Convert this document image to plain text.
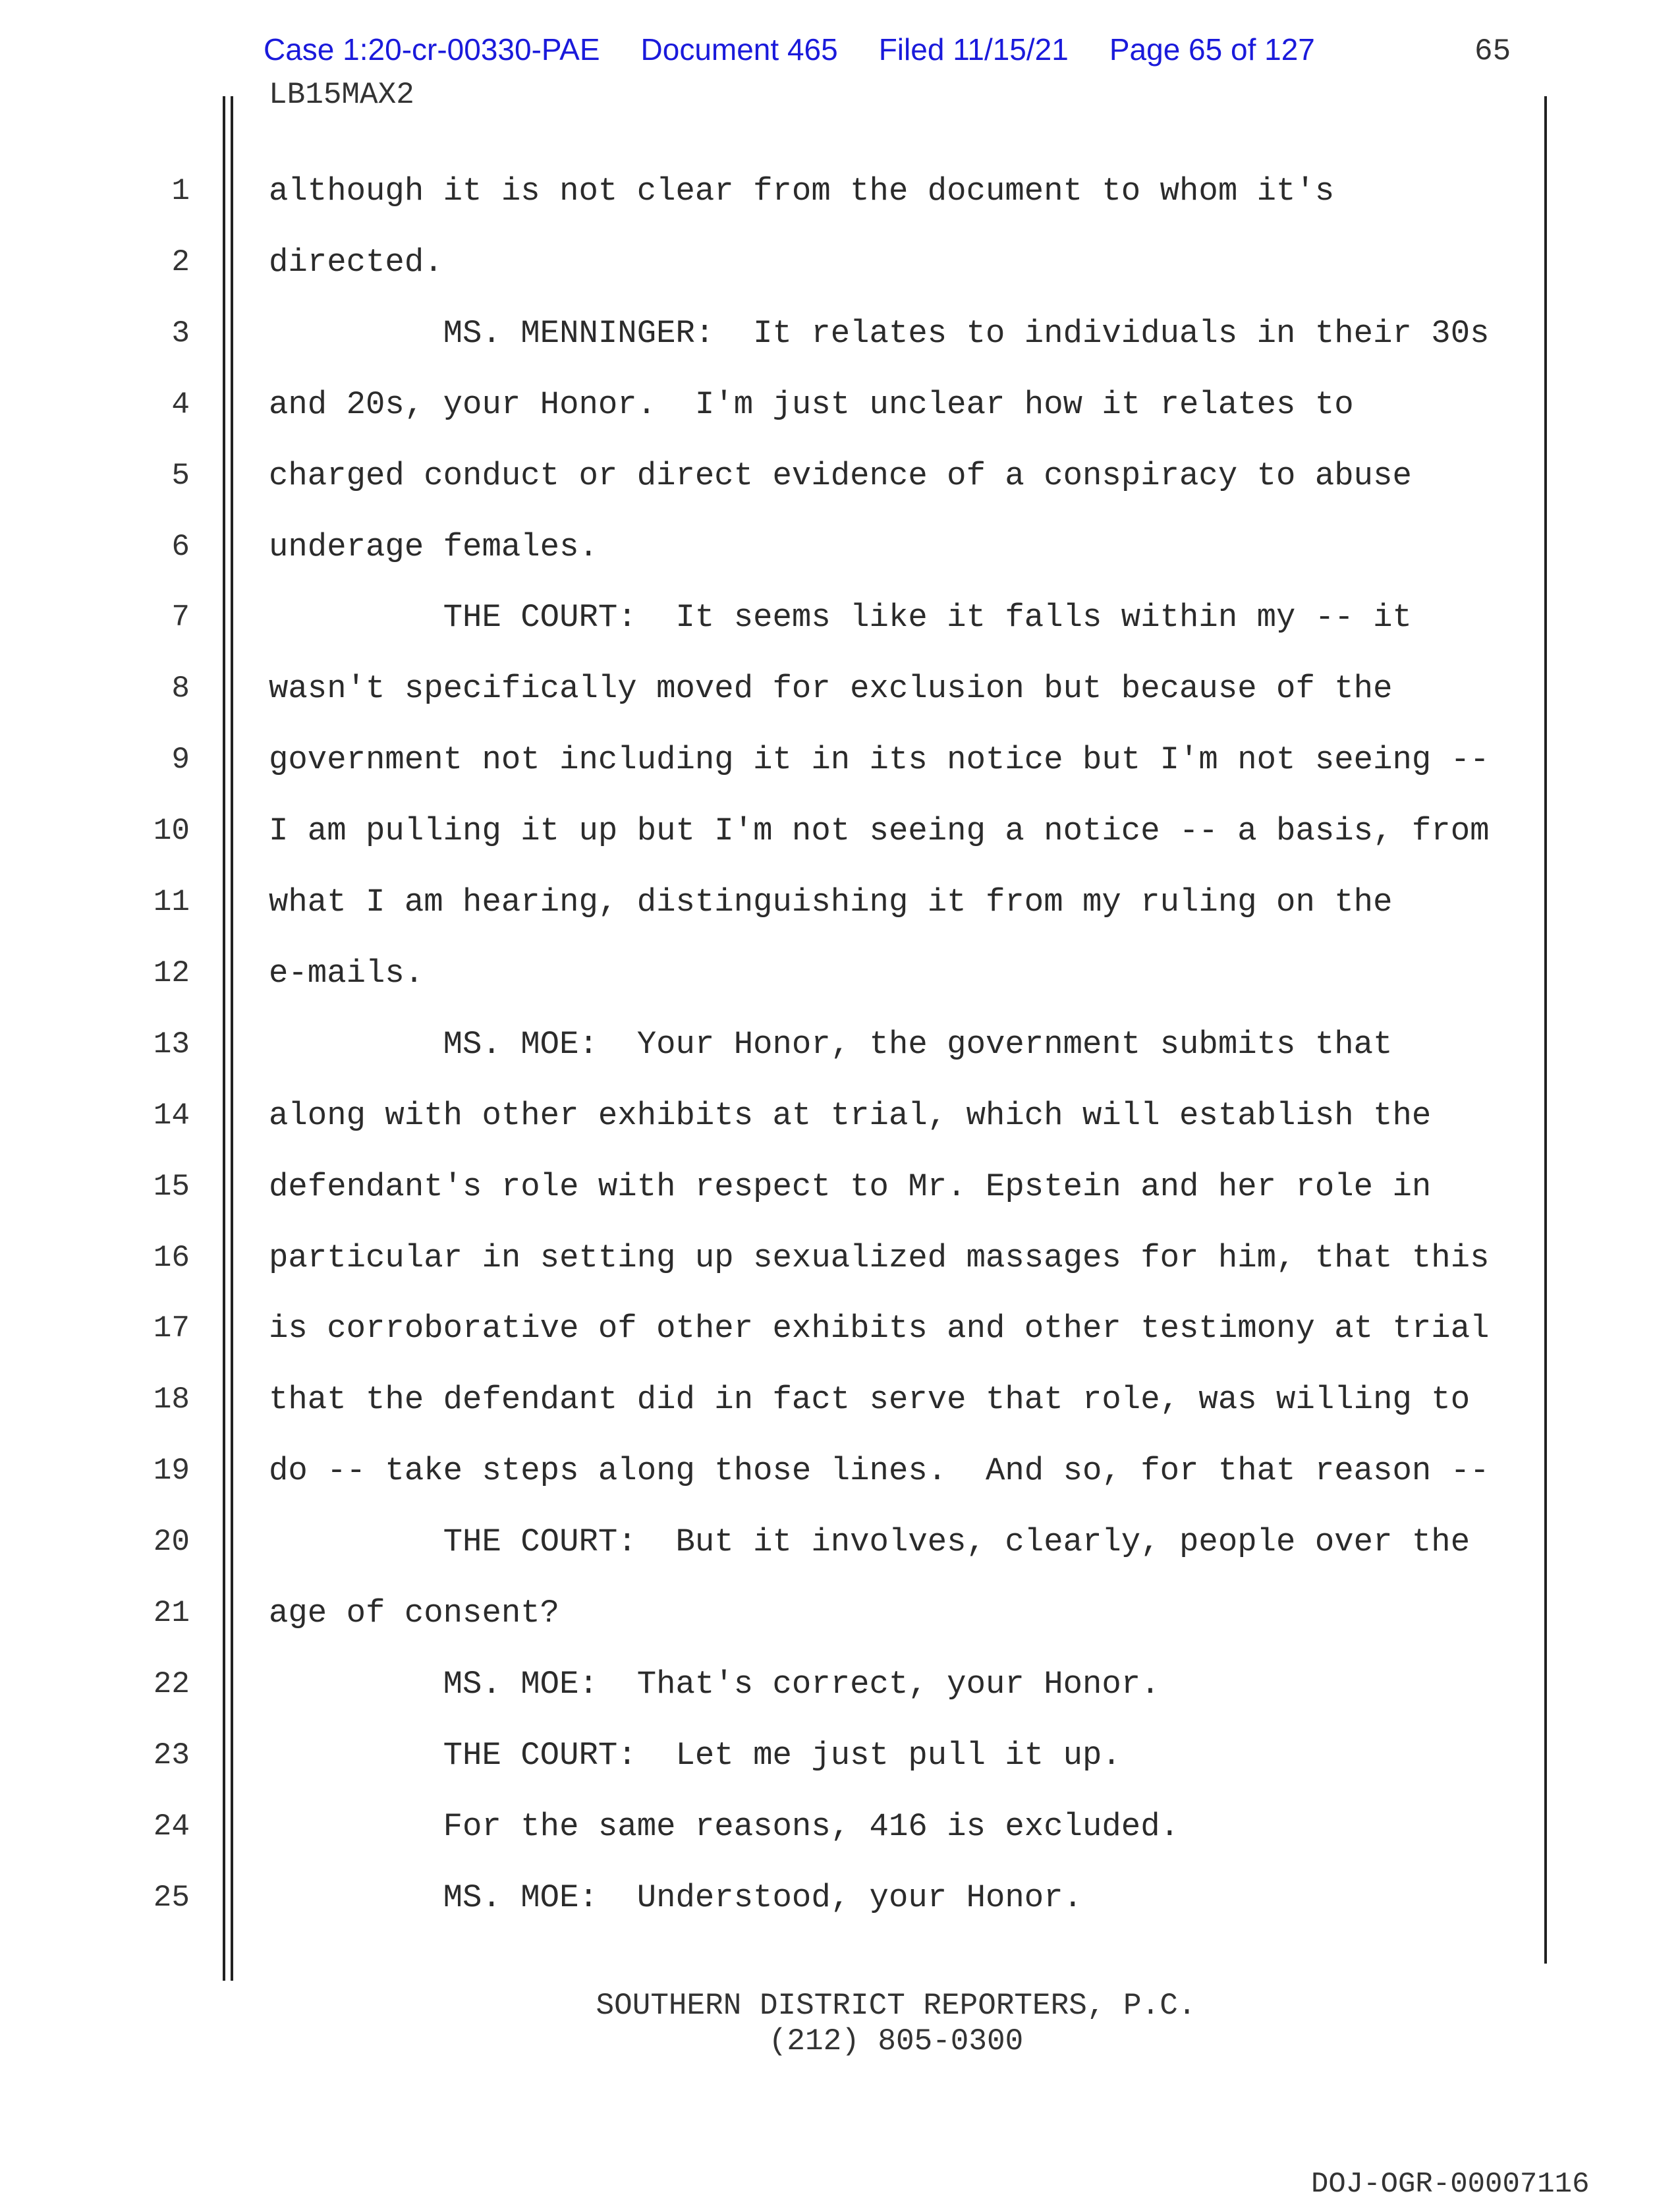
Case 1:20-cr-00330-PAE Document 465 Filed 11/15/21 Page 65 of 127	65
LB15MAX2
1 although it is not clear from the document to whom it's
2 directed.
3 MS. MENNINGER:  It relates to individuals in their 30s
4 and 20s, your Honor.  I'm just unclear how it relates to
5 charged conduct or direct evidence of a conspiracy to abuse
6 underage females.
7 THE COURT:  It seems like it falls within my -- it
8 wasn't specifically moved for exclusion but because of the
9 government not including it in its notice but I'm not seeing --
10 I am pulling it up but I'm not seeing a notice -- a basis, from
11 what I am hearing, distinguishing it from my ruling on the
12 e-mails.
13 MS. MOE:  Your Honor, the government submits that
14 along with other exhibits at trial, which will establish the
15 defendant's role with respect to Mr. Epstein and her role in
16 particular in setting up sexualized massages for him, that this
17 is corroborative of other exhibits and other testimony at trial
18 that the defendant did in fact serve that role, was willing to
19 do -- take steps along those lines.  And so, for that reason --
20 THE COURT:  But it involves, clearly, people over the
21 age of consent?
22 MS. MOE:  That's correct, your Honor.
23 THE COURT:  Let me just pull it up.
24 For the same reasons, 416 is excluded.
25 MS. MOE:  Understood, your Honor.
SOUTHERN DISTRICT REPORTERS, P.C.
(212) 805-0300
DOJ-OGR-00007116
